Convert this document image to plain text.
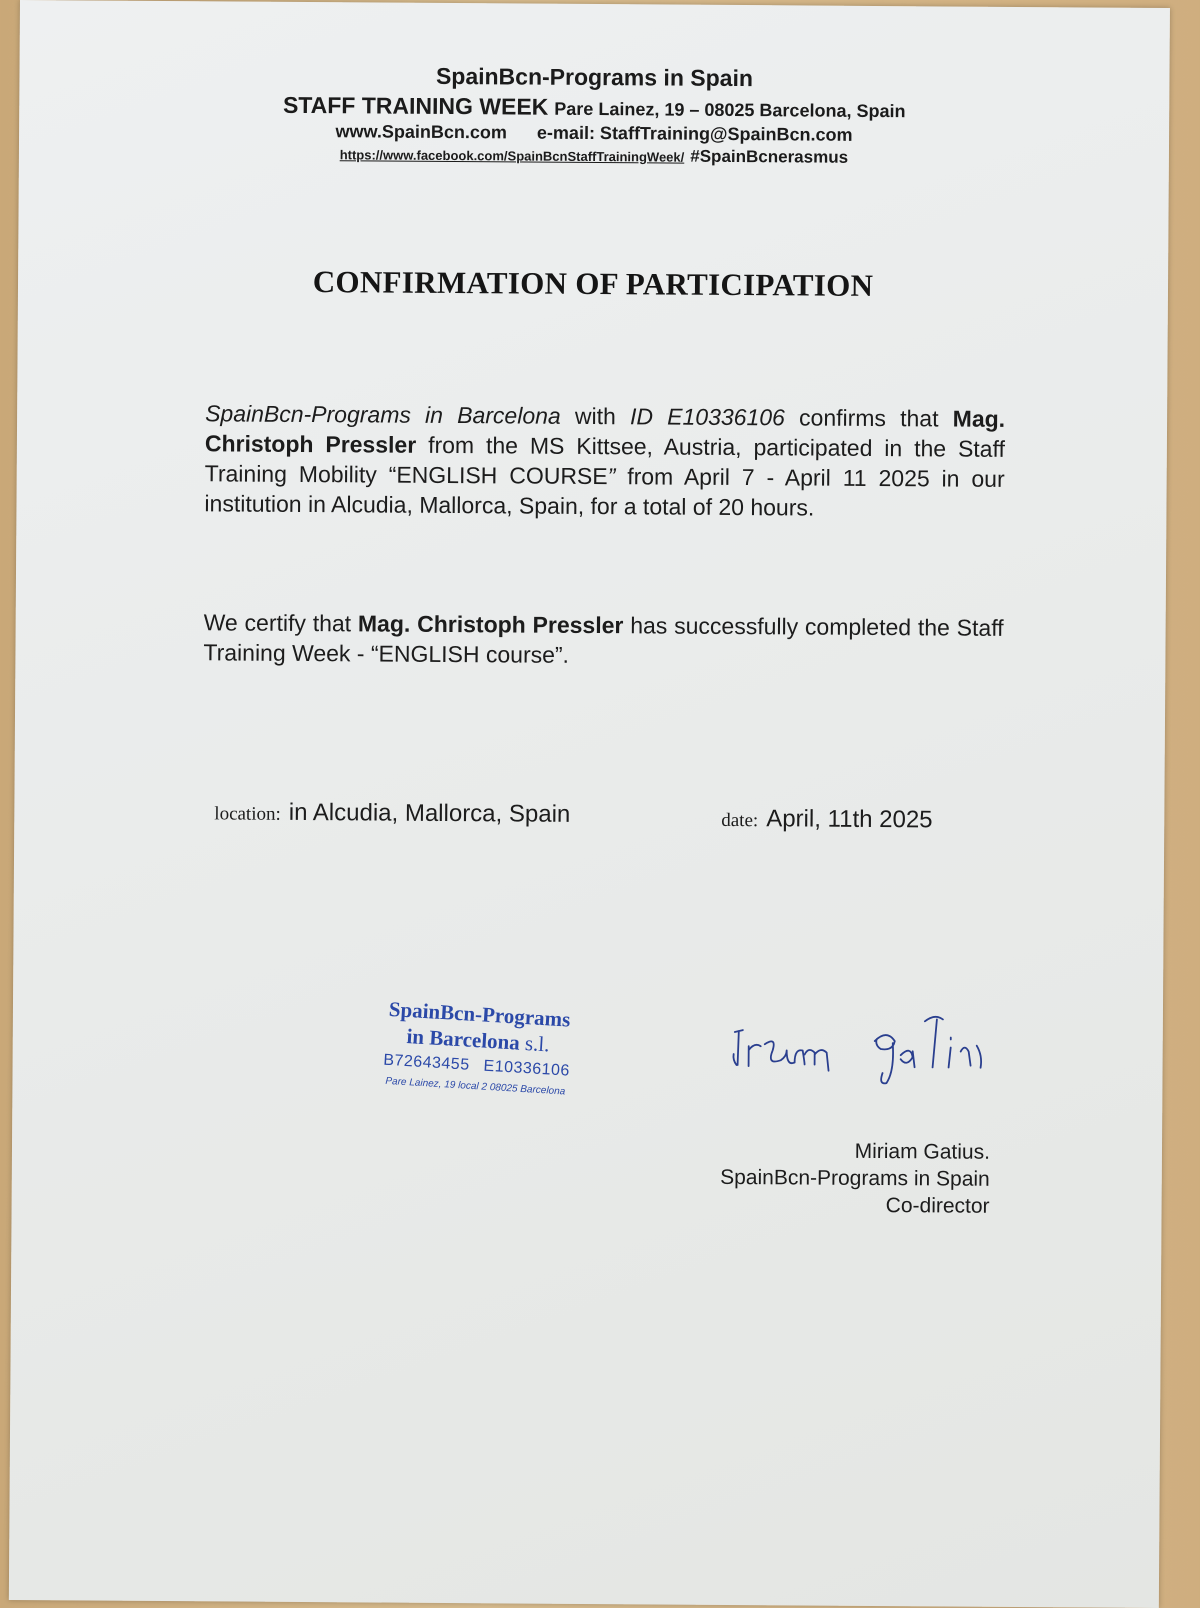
SpainBcn-Programs in Spain
STAFF TRAINING WEEK Pare Lainez, 19 – 08025 Barcelona, Spain
www.SpainBcn.com e-mail: StaffTraining@SpainBcn.com
https://www.facebook.com/SpainBcnStaffTrainingWeek/ #SpainBcnerasmus
CONFIRMATION OF PARTICIPATION
SpainBcn-Programs in Barcelona with ID E10336106 confirms that Mag. Christoph Pressler from the MS Kittsee, Austria, participated in the Staff Training Mobility “ENGLISH COURSE” from April 7 - April 11 2025 in our institution in Alcudia, Mallorca, Spain, for a total of 20 hours.
We certify that Mag. Christoph Pressler has successfully completed the Staff Training Week - “ENGLISH course”.
location: in Alcudia, Mallorca, Spain	date: April, 11th 2025
SpainBcn-Programs
in Barcelona s.l.
B72643455 E10336106
Pare Lainez, 19 local 2 08025 Barcelona
Miriam Gatius.
SpainBcn-Programs in Spain
Co-director
